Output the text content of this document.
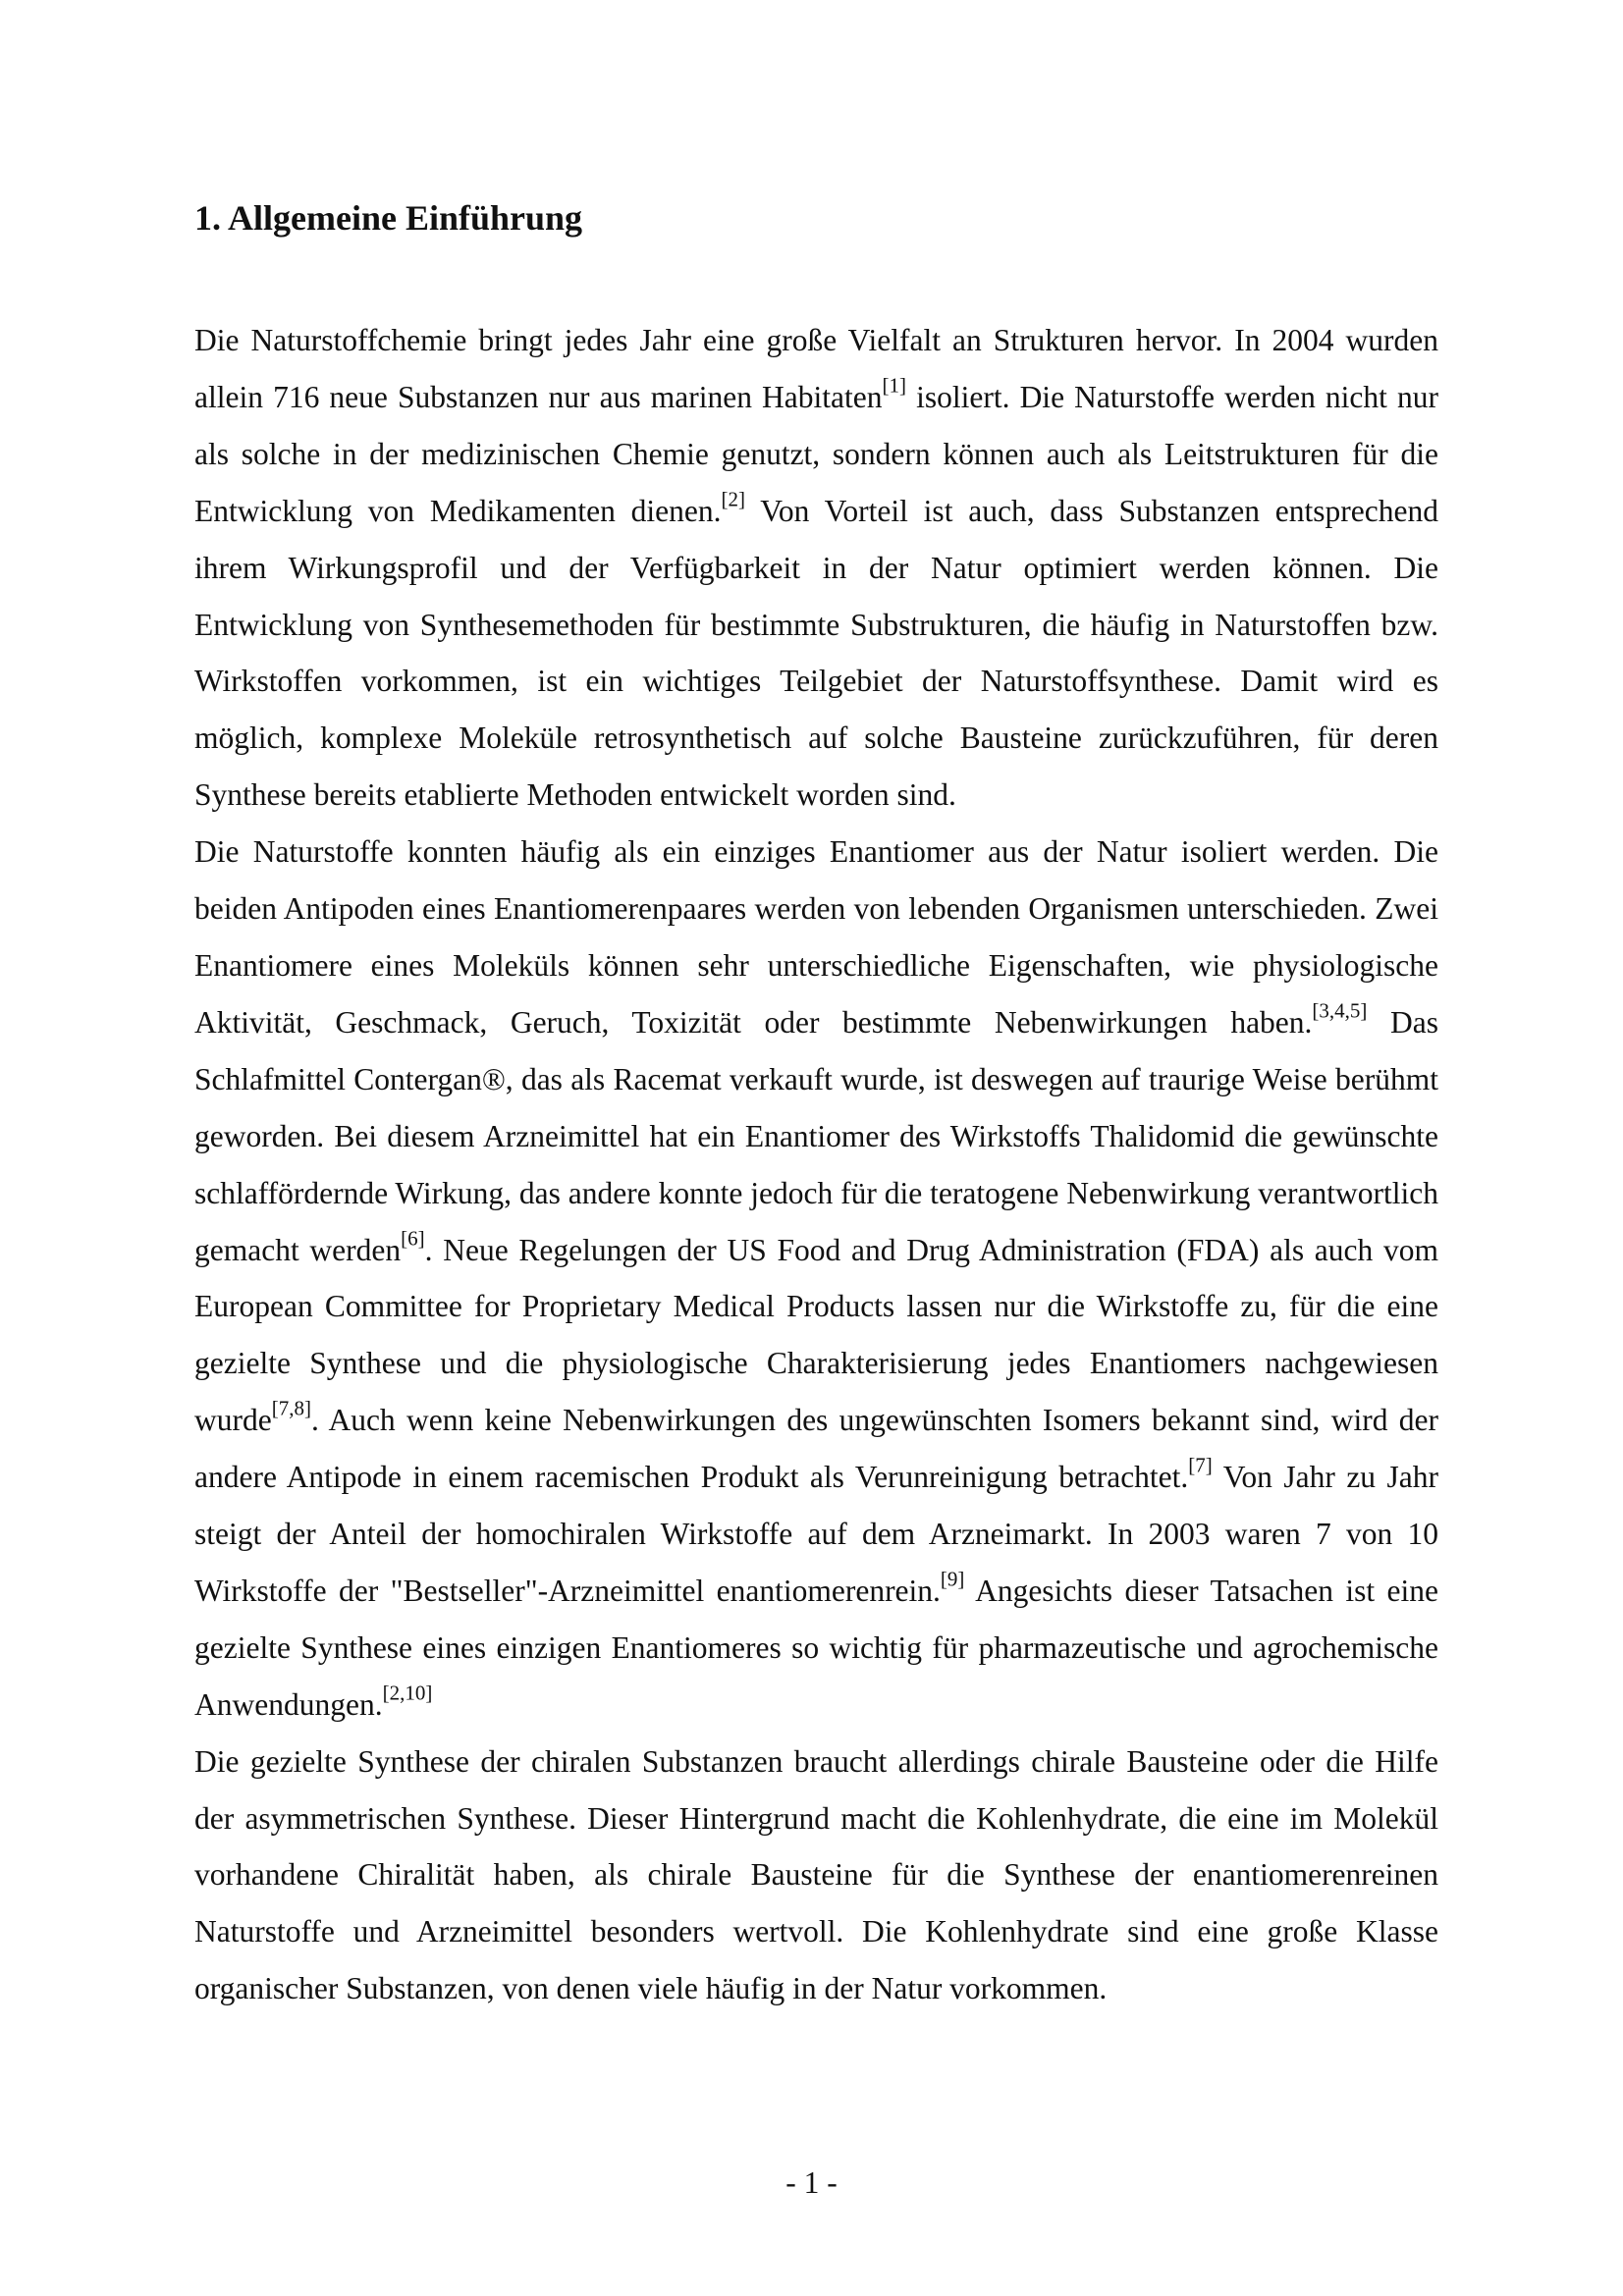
1. Allgemeine Einführung

Die Naturstoffchemie bringt jedes Jahr eine große Vielfalt an Strukturen hervor. In 2004 wurden allein 716 neue Substanzen nur aus marinen Habitaten[1] isoliert. Die Naturstoffe werden nicht nur als solche in der medizinischen Chemie genutzt, sondern können auch als Leitstrukturen für die Entwicklung von Medikamenten dienen.[2] Von Vorteil ist auch, dass Substanzen entsprechend ihrem Wirkungsprofil und der Verfügbarkeit in der Natur optimiert werden können. Die Entwicklung von Synthesemethoden für bestimmte Substrukturen, die häufig in Naturstoffen bzw. Wirkstoffen vorkommen, ist ein wichtiges Teilgebiet der Naturstoffsynthese. Damit wird es möglich, komplexe Moleküle retrosynthetisch auf solche Bausteine zurückzuführen, für deren Synthese bereits etablierte Methoden entwickelt worden sind.

Die Naturstoffe konnten häufig als ein einziges Enantiomer aus der Natur isoliert werden. Die beiden Antipoden eines Enantiomerenpaares werden von lebenden Organismen unterschieden. Zwei Enantiomere eines Moleküls können sehr unterschiedliche Eigenschaften, wie physiologische Aktivität, Geschmack, Geruch, Toxizität oder bestimmte Nebenwirkungen haben.[3,4,5] Das Schlafmittel Contergan®, das als Racemat verkauft wurde, ist deswegen auf traurige Weise berühmt geworden. Bei diesem Arzneimittel hat ein Enantiomer des Wirkstoffs Thalidomid die gewünschte schlaffördernde Wirkung, das andere konnte jedoch für die teratogene Nebenwirkung verantwortlich gemacht werden[6]. Neue Regelungen der US Food and Drug Administration (FDA) als auch vom European Committee for Proprietary Medical Products lassen nur die Wirkstoffe zu, für die eine gezielte Synthese und die physiologische Charakterisierung jedes Enantiomers nachgewiesen wurde[7,8]. Auch wenn keine Nebenwirkungen des ungewünschten Isomers bekannt sind, wird der andere Antipode in einem racemischen Produkt als Verunreinigung betrachtet.[7] Von Jahr zu Jahr steigt der Anteil der homochiralen Wirkstoffe auf dem Arzneimarkt. In 2003 waren 7 von 10 Wirkstoffe der "Bestseller"-Arzneimittel enantiomerenrein.[9] Angesichts dieser Tatsachen ist eine gezielte Synthese eines einzigen Enantiomeres so wichtig für pharmazeutische und agrochemische Anwendungen.[2,10]

Die gezielte Synthese der chiralen Substanzen braucht allerdings chirale Bausteine oder die Hilfe der asymmetrischen Synthese. Dieser Hintergrund macht die Kohlenhydrate, die eine im Molekül vorhandene Chiralität haben, als chirale Bausteine für die Synthese der enantiomerenreinen Naturstoffe und Arzneimittel besonders wertvoll. Die Kohlenhydrate sind eine große Klasse organischer Substanzen, von denen viele häufig in der Natur vorkommen.

- 1 -
